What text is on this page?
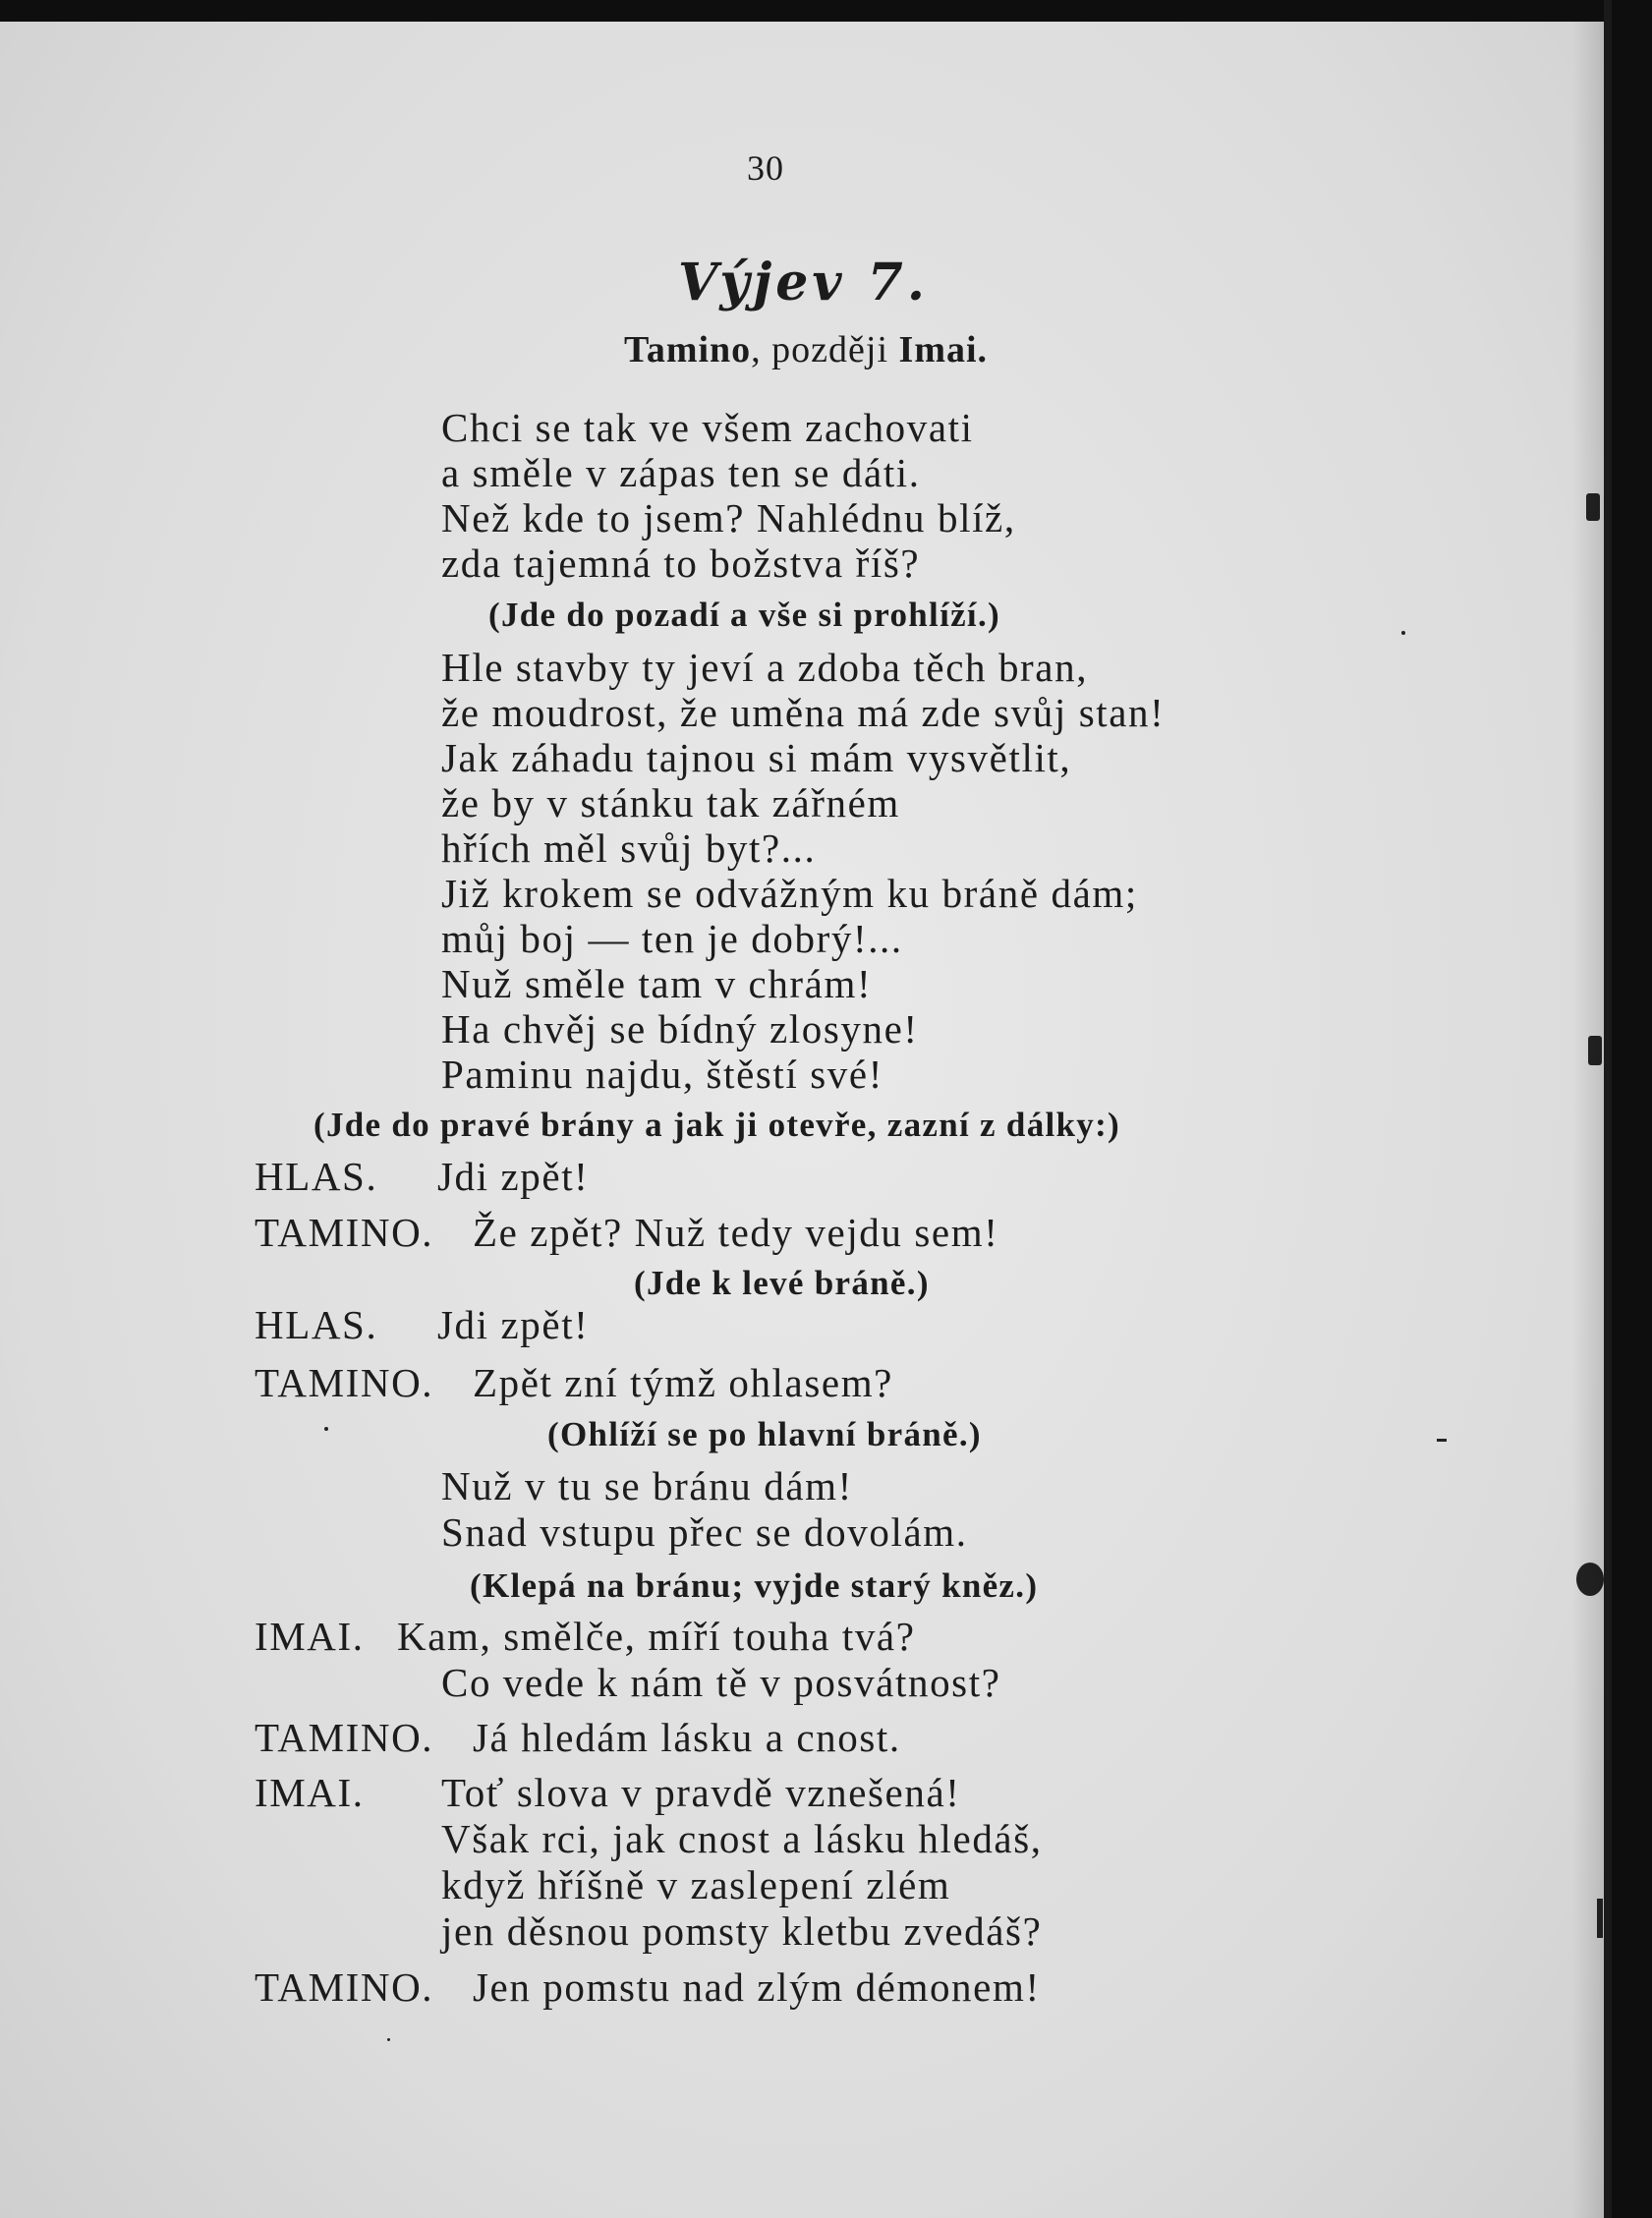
30
Výjev 7.
Tamino, později Imai.
Chci se tak ve všem zachovati
a směle v zápas ten se dáti.
Než kde to jsem? Nahlédnu blíž,
zda tajemná to božstva říš?
(Jde do pozadí a vše si prohlíží.)
Hle stavby ty jeví a zdoba těch bran,
že moudrost, že uměna má zde svůj stan!
Jak záhadu tajnou si mám vysvětlit,
že by v stánku tak zářném
hřích měl svůj byt?...
Již krokem se odvážným ku bráně dám;
můj boj — ten je dobrý!...
Nuž směle tam v chrám!
Ha chvěj se bídný zlosyne!
Paminu najdu, štěstí své!
(Jde do pravé brány a jak ji otevře, zazní z dálky:)
HLAS. Jdi zpět!
TAMINO. Že zpět? Nuž tedy vejdu sem!
(Jde k levé bráně.)
HLAS. Jdi zpět!
TAMINO. Zpět zní týmž ohlasem?
(Ohlíží se po hlavní bráně.)
Nuž v tu se bránu dám!
Snad vstupu přec se dovolám.
(Klepá na bránu; vyjde starý kněz.)
IMAI. Kam, smělče, míří touha tvá?
Co vede k nám tě v posvátnost?
TAMINO. Já hledám lásku a cnost.
IMAI. Toť slova v pravdě vznešená!
Však rci, jak cnost a lásku hledáš,
když hříšně v zaslepení zlém
jen děsnou pomsty kletbu zvedáš?
TAMINO. Jen pomstu nad zlým démonem!
